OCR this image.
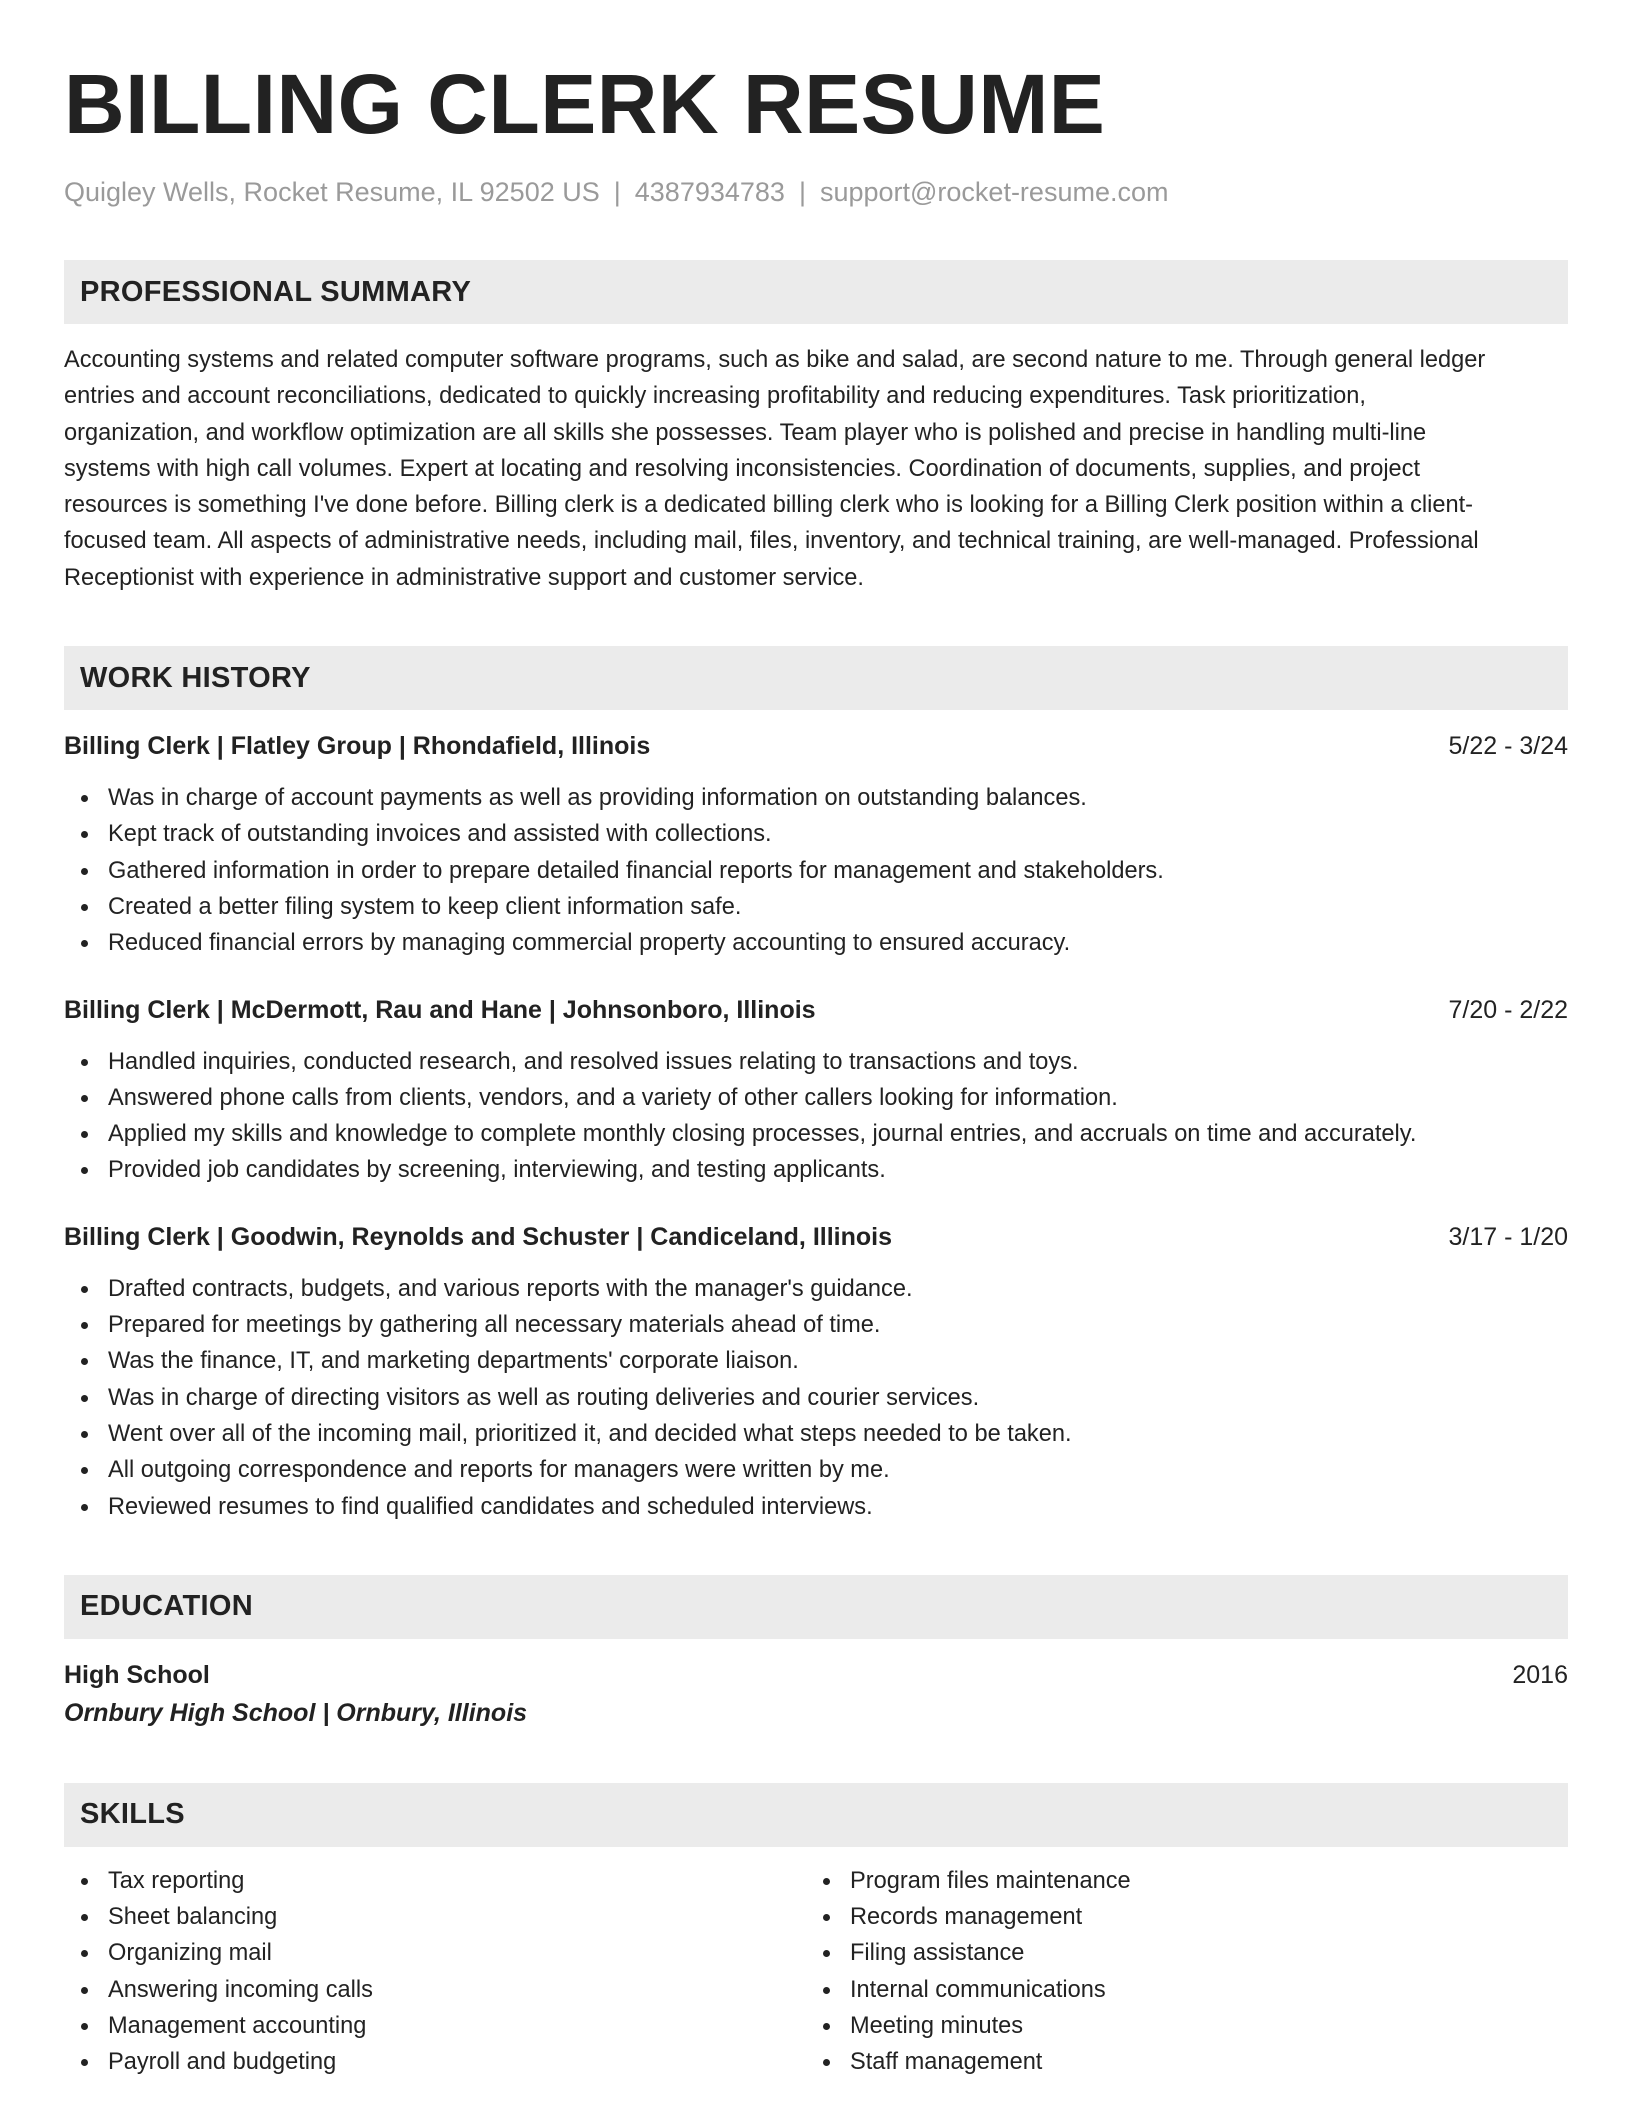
BILLING CLERK RESUME
Quigley Wells, Rocket Resume, IL 92502 US | 4387934783 | support@rocket-resume.com
PROFESSIONAL SUMMARY
Accounting systems and related computer software programs, such as bike and salad, are second nature to me. Through general ledger
entries and account reconciliations, dedicated to quickly increasing profitability and reducing expenditures. Task prioritization,
organization, and workflow optimization are all skills she possesses. Team player who is polished and precise in handling multi-line
systems with high call volumes. Expert at locating and resolving inconsistencies. Coordination of documents, supplies, and project
resources is something I've done before. Billing clerk is a dedicated billing clerk who is looking for a Billing Clerk position within a client-
focused team. All aspects of administrative needs, including mail, files, inventory, and technical training, are well-managed. Professional
Receptionist with experience in administrative support and customer service.
WORK HISTORY
Billing Clerk | Flatley Group | Rhondafield, Illinois	5/22 - 3/24
Was in charge of account payments as well as providing information on outstanding balances.
Kept track of outstanding invoices and assisted with collections.
Gathered information in order to prepare detailed financial reports for management and stakeholders.
Created a better filing system to keep client information safe.
Reduced financial errors by managing commercial property accounting to ensured accuracy.
Billing Clerk | McDermott, Rau and Hane | Johnsonboro, Illinois	7/20 - 2/22
Handled inquiries, conducted research, and resolved issues relating to transactions and toys.
Answered phone calls from clients, vendors, and a variety of other callers looking for information.
Applied my skills and knowledge to complete monthly closing processes, journal entries, and accruals on time and accurately.
Provided job candidates by screening, interviewing, and testing applicants.
Billing Clerk | Goodwin, Reynolds and Schuster | Candiceland, Illinois	3/17 - 1/20
Drafted contracts, budgets, and various reports with the manager's guidance.
Prepared for meetings by gathering all necessary materials ahead of time.
Was the finance, IT, and marketing departments' corporate liaison.
Was in charge of directing visitors as well as routing deliveries and courier services.
Went over all of the incoming mail, prioritized it, and decided what steps needed to be taken.
All outgoing correspondence and reports for managers were written by me.
Reviewed resumes to find qualified candidates and scheduled interviews.
EDUCATION
High School	2016
Ornbury High School | Ornbury, Illinois
SKILLS
Tax reporting
Sheet balancing
Organizing mail
Answering incoming calls
Management accounting
Payroll and budgeting
Program files maintenance
Records management
Filing assistance
Internal communications
Meeting minutes
Staff management
